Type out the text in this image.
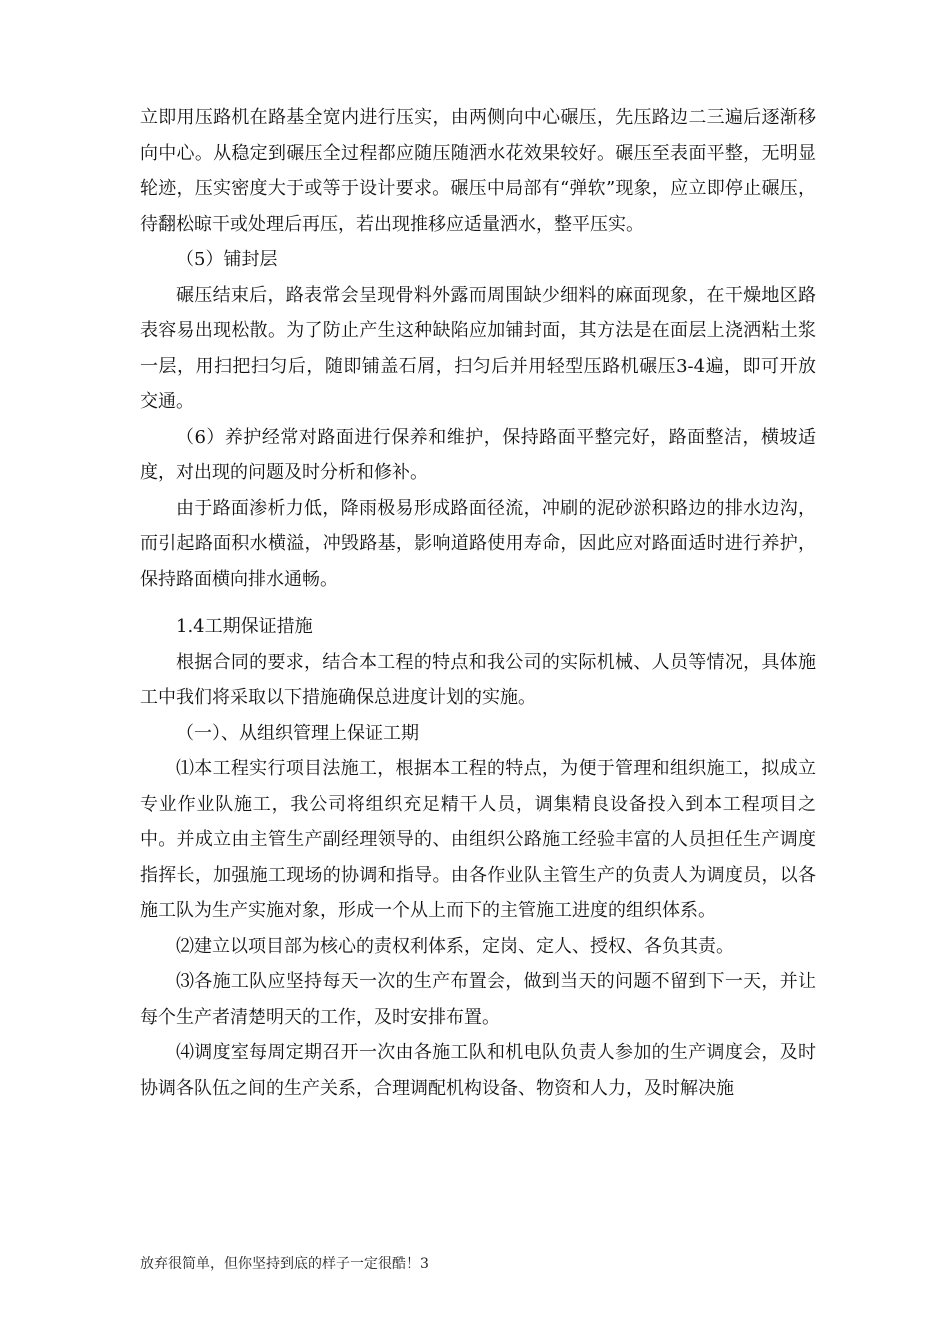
立即用压路机在路基全宽内进行压实，由两侧向中心碾压，先压路边二三遍后逐渐移向中心。从稳定到碾压全过程都应随压随洒水花效果较好。碾压至表面平整，无明显轮迹，压实密度大于或等于设计要求。碾压中局部有“弹软”现象，应立即停止碾压，待翻松晾干或处理后再压，若出现推移应适量洒水，整平压实。

（5）铺封层

碾压结束后，路表常会呈现骨料外露而周围缺少细料的麻面现象，在干燥地区路表容易出现松散。为了防止产生这种缺陷应加铺封面，其方法是在面层上浇洒粘土浆一层，用扫把扫匀后，随即铺盖石屑，扫匀后并用轻型压路机碾压3-4遍，即可开放交通。

（6）养护经常对路面进行保养和维护，保持路面平整完好，路面整洁，横坡适度，对出现的问题及时分析和修补。

由于路面渗析力低，降雨极易形成路面径流，冲刷的泥砂淤积路边的排水边沟，而引起路面积水横溢，冲毁路基，影响道路使用寿命，因此应对路面适时进行养护，保持路面横向排水通畅。

1.4工期保证措施

根据合同的要求，结合本工程的特点和我公司的实际机械、人员等情况，具体施工中我们将采取以下措施确保总进度计划的实施。

（一）、从组织管理上保证工期

⑴本工程实行项目法施工，根据本工程的特点，为便于管理和组织施工，拟成立专业作业队施工，我公司将组织充足精干人员，调集精良设备投入到本工程项目之中。并成立由主管生产副经理领导的、由组织公路施工经验丰富的人员担任生产调度指挥长，加强施工现场的协调和指导。由各作业队主管生产的负责人为调度员，以各施工队为生产实施对象，形成一个从上而下的主管施工进度的组织体系。

⑵建立以项目部为核心的责权利体系，定岗、定人、授权、各负其责。

⑶各施工队应坚持每天一次的生产布置会，做到当天的问题不留到下一天，并让每个生产者清楚明天的工作，及时安排布置。

⑷调度室每周定期召开一次由各施工队和机电队负责人参加的生产调度会，及时协调各队伍之间的生产关系，合理调配机构设备、物资和人力，及时解决施

放弃很简单，但你坚持到底的样子一定很酷！3
